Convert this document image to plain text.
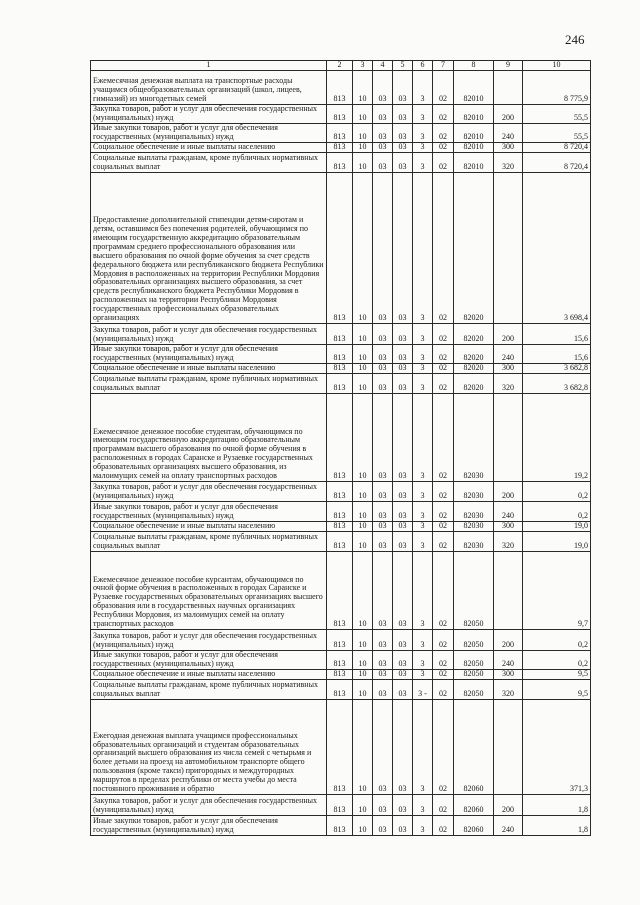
246
1	2	3	4	5	6	7	8	9	10
Ежемесячная денежная выплата на транспортные расходы учащимся общеобразовательных организаций (школ, лицеев, гимназий) из многодетных семей	813	10	03	03	3	02	82010		8 775,9
Закупка товаров, работ и услуг для обеспечения государственных (муниципальных) нужд	813	10	03	03	3	02	82010	200	55,5
Иные закупки товаров, работ и услуг для обеспечения государственных (муниципальных) нужд	813	10	03	03	3	02	82010	240	55,5
Социальное обеспечение и иные выплаты населению	813	10	03	03	3	02	82010	300	8 720,4
Социальные выплаты гражданам, кроме публичных нормативных социальных выплат	813	10	03	03	3	02	82010	320	8 720,4
Предоставление дополнительной стипендии детям-сиротам и детям, оставшимся без попечения родителей, обучающимся по имеющим государственную аккредитацию образовательным программам среднего профессионального образования или высшего образования по очной форме обучения за счет средств федерального бюджета или республиканского бюджета Республики Мордовия в расположенных на территории Республики Мордовия образовательных организациях высшего образования, за счет средств республиканского бюджета Республики Мордовия в расположенных на территории Республики Мордовия государственных профессиональных образовательных организациях	813	10	03	03	3	02	82020		3 698,4
Закупка товаров, работ и услуг для обеспечения государственных (муниципальных) нужд	813	10	03	03	3	02	82020	200	15,6
Иные закупки товаров, работ и услуг для обеспечения государственных (муниципальных) нужд	813	10	03	03	3	02	82020	240	15,6
Социальное обеспечение и иные выплаты населению	813	10	03	03	3	02	82020	300	3 682,8
Социальные выплаты гражданам, кроме публичных нормативных социальных выплат	813	10	03	03	3	02	82020	320	3 682,8
Ежемесячное денежное пособие студентам, обучающимся по имеющим государственную аккредитацию образовательным программам высшего образования по очной форме обучения в расположенных в городах Саранске и Рузаевке государственных образовательных организациях высшего образования, из малоимущих семей на оплату транспортных расходов	813	10	03	03	3	02	82030		19,2
Закупка товаров, работ и услуг для обеспечения государственных (муниципальных) нужд	813	10	03	03	3	02	82030	200	0,2
Иные закупки товаров, работ и услуг для обеспечения государственных (муниципальных) нужд	813	10	03	03	3	02	82030	240	0,2
Социальное обеспечение и иные выплаты населению	813	10	03	03	3	02	82030	300	19,0
Социальные выплаты гражданам, кроме публичных нормативных социальных выплат	813	10	03	03	3	02	82030	320	19,0
Ежемесячное денежное пособие курсантам, обучающимся по очной форме обучения в расположенных в городах Саранске и Рузаевке государственных образовательных организациях высшего образования или в государственных научных организациях Республики Мордовия, из малоимущих семей на оплату транспортных расходов	813	10	03	03	3	02	82050		9,7
Закупка товаров, работ и услуг для обеспечения государственных (муниципальных) нужд	813	10	03	03	3	02	82050	200	0,2
Иные закупки товаров, работ и услуг для обеспечения государственных (муниципальных) нужд	813	10	03	03	3	02	82050	240	0,2
Социальное обеспечение и иные выплаты населению	813	10	03	03	3	02	82050	300	9,5
Социальные выплаты гражданам, кроме публичных нормативных социальных выплат	813	10	03	03	3 -	02	82050	320	9,5
Ежегодная денежная выплата учащимся профессиональных образовательных организаций и студентам образовательных организаций высшего образования из числа семей с четырьмя и более детьми на проезд на автомобильном транспорте общего пользования (кроме такси) пригородных и междугородных маршрутов в пределах республики от места учебы до места постоянного проживания и обратно	813	10	03	03	3	02	82060		371,3
Закупка товаров, работ и услуг для обеспечения государственных (муниципальных) нужд	813	10	03	03	3	02	82060	200	1,8
Иные закупки товаров, работ и услуг для обеспечения государственных (муниципальных) нужд	813	10	03	03	3	02	82060	240	1,8
